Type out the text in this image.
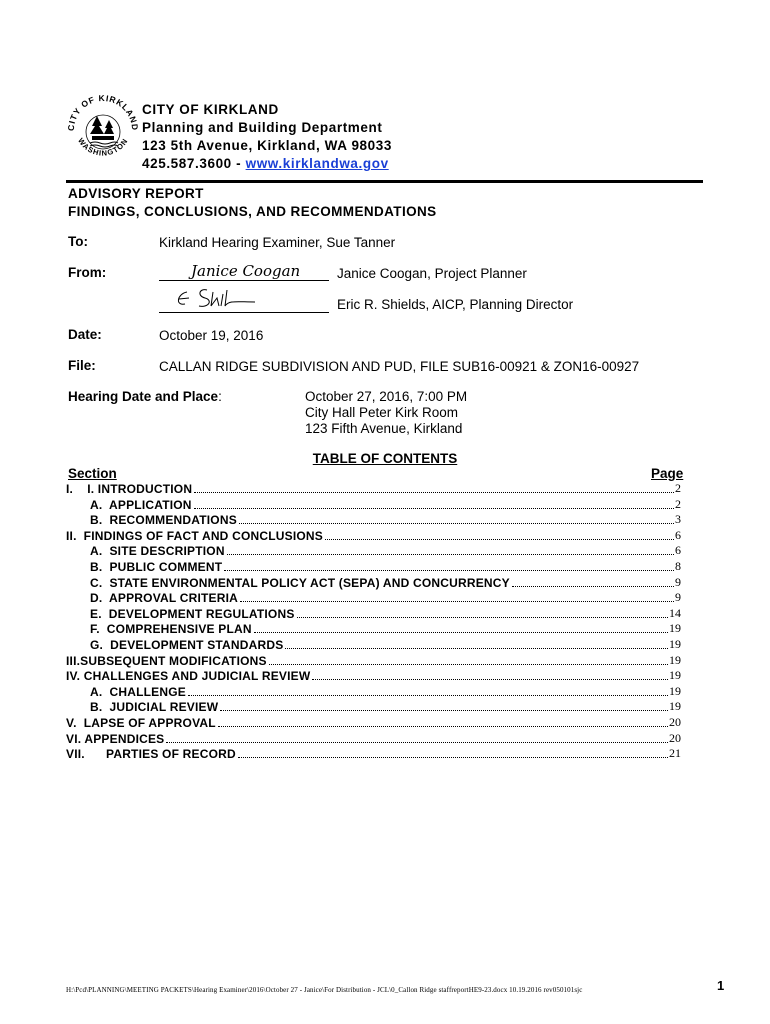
CITY OF KIRKLAND
WASHINGTON
CITY OF KIRKLAND
Planning and Building Department
123 5th Avenue, Kirkland, WA 98033
425.587.3600 - www.kirklandwa.gov
ADVISORY REPORT
FINDINGS, CONCLUSIONS, AND RECOMMENDATIONS
To:	Kirkland Hearing Examiner, Sue Tanner
From:	Janice Coogan	Janice Coogan, Project Planner
Eric R. Shields, AICP, Planning Director
Date:	October 19, 2016
File:	CALLAN RIDGE SUBDIVISION AND PUD, FILE SUB16-00921 & ZON16-00927
Hearing Date and Place:	October 27, 2016, 7:00 PM
City Hall Peter Kirk Room
123 Fifth Avenue, Kirkland
TABLE OF CONTENTS
Section	Page
I.    I. INTRODUCTION	2
A.  APPLICATION	2
B.  RECOMMENDATIONS	3
II.  FINDINGS OF FACT AND CONCLUSIONS	6
A.  SITE DESCRIPTION	6
B.  PUBLIC COMMENT	8
C.  STATE ENVIRONMENTAL POLICY ACT (SEPA) AND CONCURRENCY	9
D.  APPROVAL CRITERIA	9
E.  DEVELOPMENT REGULATIONS	14
F.  COMPREHENSIVE PLAN	19
G.  DEVELOPMENT STANDARDS	19
III.SUBSEQUENT MODIFICATIONS	19
IV. CHALLENGES AND JUDICIAL REVIEW	19
A.  CHALLENGE	19
B.  JUDICIAL REVIEW	19
V.  LAPSE OF APPROVAL	20
VI. APPENDICES	20
VII.      PARTIES OF RECORD	21
H:\Pcd\PLANNING\MEETING PACKETS\Hearing Examiner\2016\October 27 - Janice\For Distribution - JCL\0_Callon Ridge staffreportHE9-23.docx 10.19.2016 rev050101sjc	1
